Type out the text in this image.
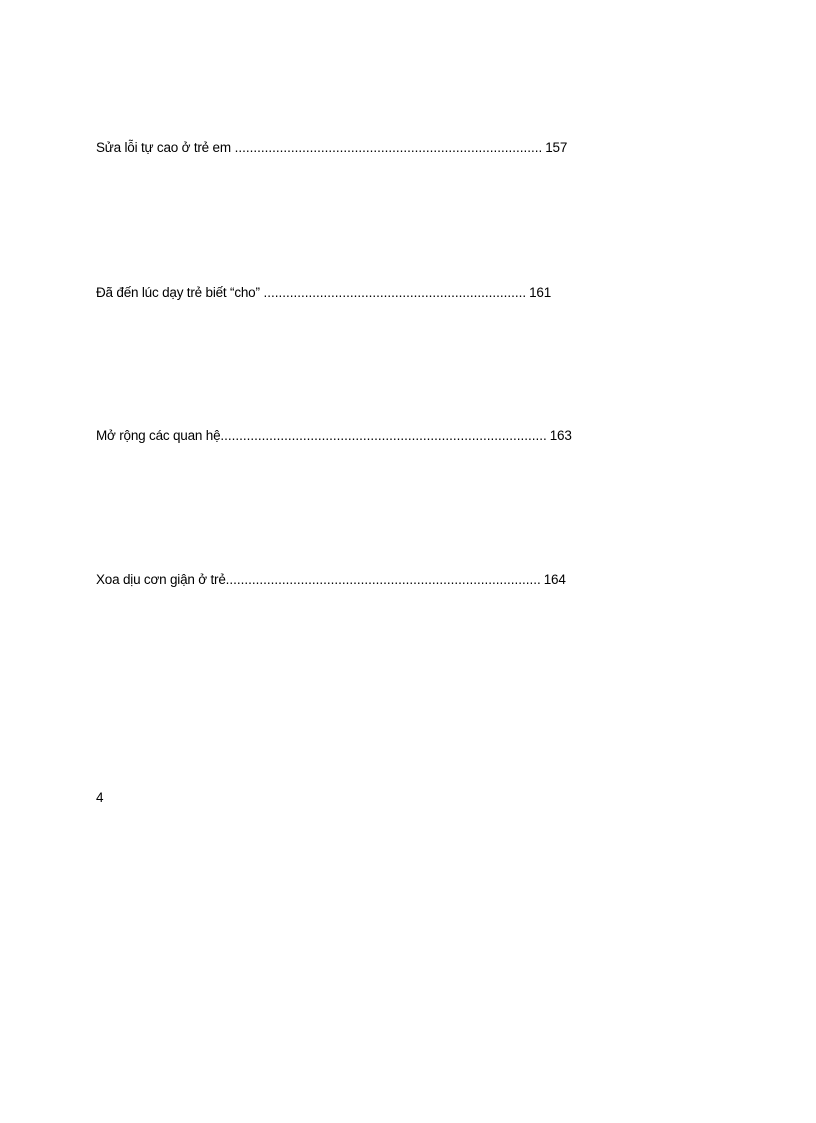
Sửa lỗi tự cao ở trẻ em .................................................................................. 157
Đã đến lúc dạy trẻ biết “cho” ...................................................................... 161
Mở rộng các quan hệ....................................................................................... 163
Xoa dịu cơn giận ở trẻ.................................................................................... 164
4
